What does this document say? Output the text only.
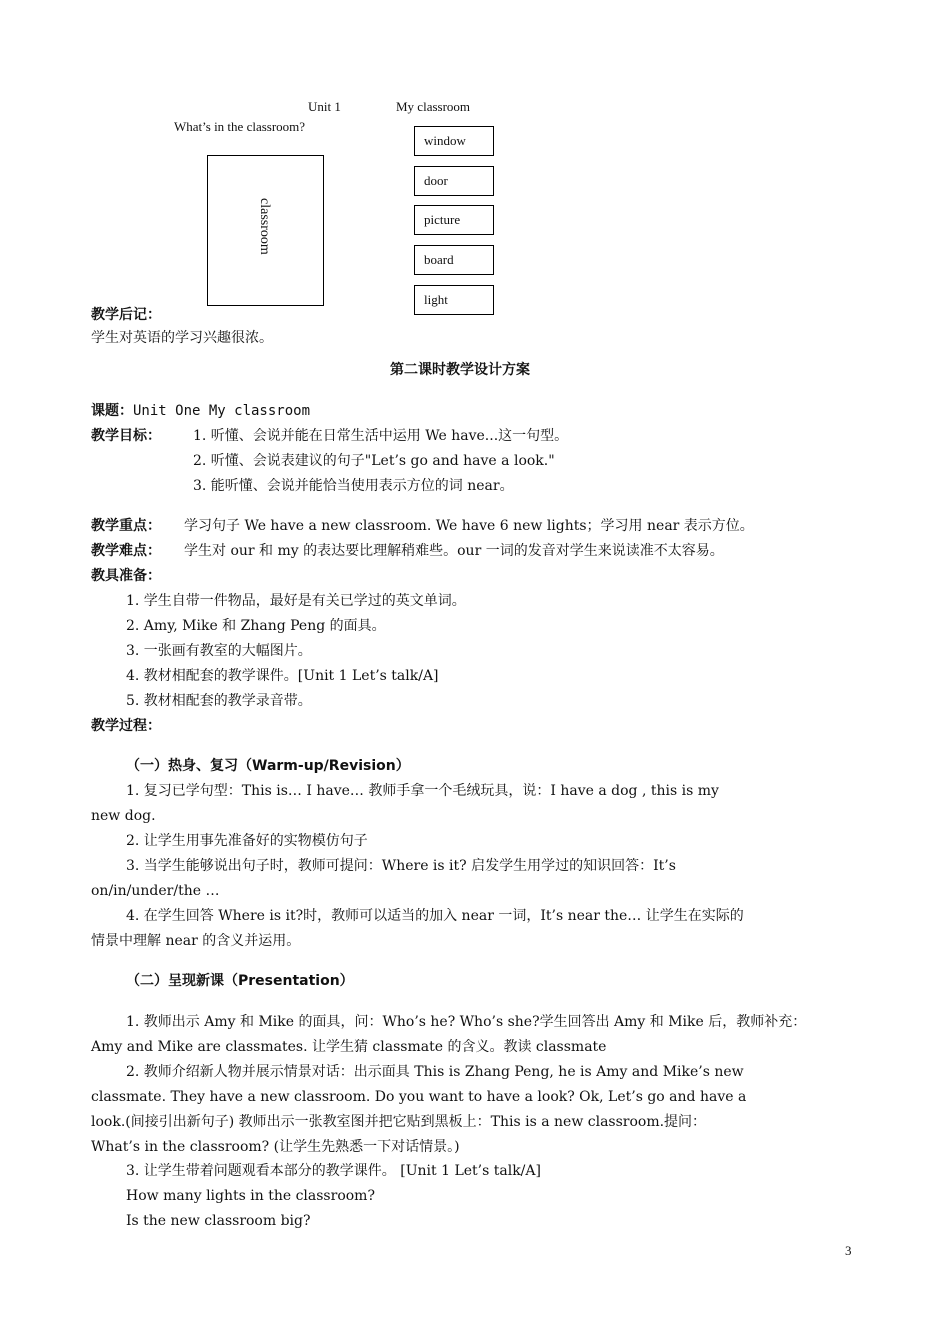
Unit 1	My classroom
What’s in the classroom?
classroom
window
door
picture
board
light
教学后记：
学生对英语的学习兴趣很浓。
第二课时教学设计方案
课题：Unit One My classroom
教学目标： 1. 听懂、会说并能在日常生活中运用 We have...这一句型。
2. 听懂、会说表建议的句子"Let’s go and have a look."
3. 能听懂、会说并能恰当使用表示方位的词 near。
教学重点： 学习句子 We have a new classroom. We have 6 new lights；学习用 near 表示方位。
教学难点： 学生对 our 和 my 的表达要比理解稍难些。our 一词的发音对学生来说读准不太容易。
教具准备：
1. 学生自带一件物品，最好是有关已学过的英文单词。
2. Amy, Mike 和 Zhang Peng 的面具。
3. 一张画有教室的大幅图片。
4. 教材相配套的教学课件。[Unit 1 Let’s talk/A]
5. 教材相配套的教学录音带。
教学过程：
（一）热身、复习（Warm-up/Revision）
1. 复习已学句型：This is… I have… 教师手拿一个毛绒玩具，说：I have a dog , this is my
new dog.
2. 让学生用事先准备好的实物模仿句子
3. 当学生能够说出句子时，教师可提问：Where is it? 启发学生用学过的知识回答：It’s
on/in/under/the …
4. 在学生回答 Where is it?时，教师可以适当的加入 near 一词，It’s near the… 让学生在实际的
情景中理解 near 的含义并运用。
（二）呈现新课（Presentation）
1. 教师出示 Amy 和 Mike 的面具，问：Who’s he? Who’s she?学生回答出 Amy 和 Mike 后，教师补充：
Amy and Mike are classmates. 让学生猜 classmate 的含义。教读 classmate
2. 教师介绍新人物并展示情景对话：出示面具 This is Zhang Peng, he is Amy and Mike’s new
classmate. They have a new classroom. Do you want to have a look? Ok, Let’s go and have a
look.(间接引出新句子) 教师出示一张教室图并把它贴到黑板上：This is a new classroom.提问：
What’s in the classroom? (让学生先熟悉一下对话情景。)
3. 让学生带着问题观看本部分的教学课件。 [Unit 1 Let’s talk/A]
How many lights in the classroom?
Is the new classroom big?
3
